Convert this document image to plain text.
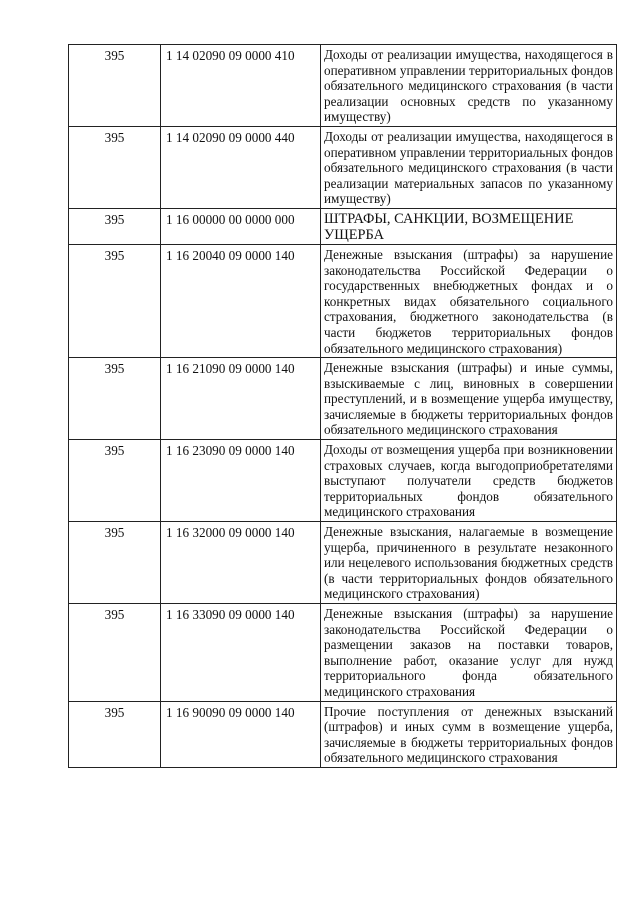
395	1 14 02090 09 0000 410	Доходы от реализации имущества, находящегося в оперативном управлении территориальных фондов обязательного медицинского страхования (в части реализации основных средств по указанному имуществу)
395	1 14 02090 09 0000 440	Доходы от реализации имущества, находящегося в оперативном управлении территориальных фондов обязательного медицинского страхования (в части реализации материальных запасов по указанному имуществу)
395	1 16 00000 00 0000 000	ШТРАФЫ, САНКЦИИ, ВОЗМЕЩЕНИЕ УЩЕРБА
395	1 16 20040 09 0000 140	Денежные взыскания (штрафы) за нарушение законодательства Российской Федерации о государственных внебюджетных фондах и о конкретных видах обязательного социального страхования, бюджетного законодательства (в части бюджетов территориальных фондов обязательного медицинского страхования)
395	1 16 21090 09 0000 140	Денежные взыскания (штрафы) и иные суммы, взыскиваемые с лиц, виновных в совершении преступлений, и в возмещение ущерба имуществу, зачисляемые в бюджеты территориальных фондов обязательного медицинского страхования
395	1 16 23090 09 0000 140	Доходы от возмещения ущерба при возникновении страховых случаев, когда выгодоприобретателями выступают получатели средств бюджетов территориальных фондов обязательного медицинского страхования
395	1 16 32000 09 0000 140	Денежные взыскания, налагаемые в возмещение ущерба, причиненного в результате незаконного или нецелевого использования бюджетных средств (в части территориальных фондов обязательного медицинского страхования)
395	1 16 33090 09 0000 140	Денежные взыскания (штрафы) за нарушение законодательства Российской Федерации о размещении заказов на поставки товаров, выполнение работ, оказание услуг для нужд территориального фонда обязательного медицинского страхования
395	1 16 90090 09 0000 140	Прочие поступления от денежных взысканий (штрафов) и иных сумм в возмещение ущерба, зачисляемые в бюджеты территориальных фондов обязательного медицинского страхования
